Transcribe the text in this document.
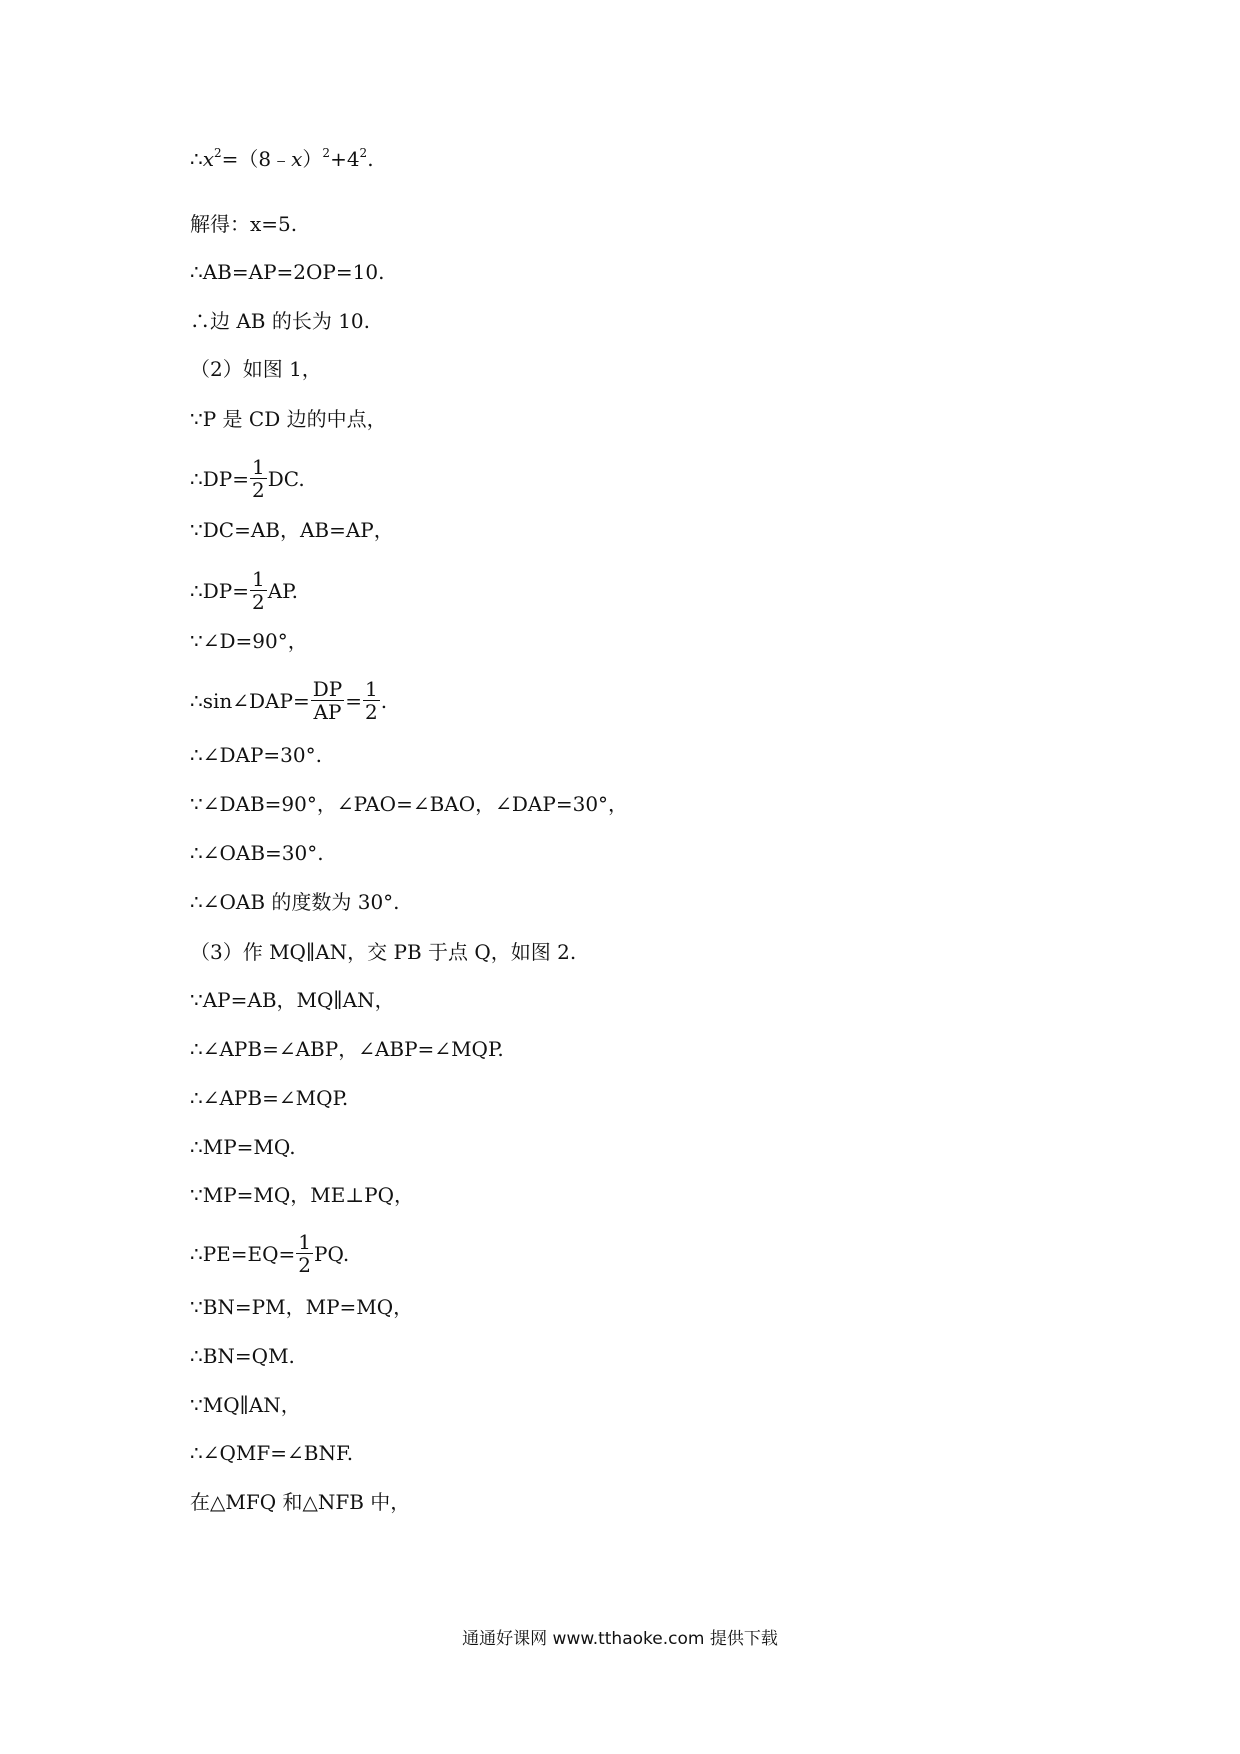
$\therefore x^2=(8﹣x)^2+4^2$.
解得：x=5.
∴AB=AP=2OP=10.
∴边 AB 的长为 10.
（2）如图 1，
∵P 是 CD 边的中点，
∴DP= $\frac{1}{2}$ DC.
∵DC=AB，AB=AP，
∴DP= $\frac{1}{2}$ AP.
∵∠D=90°，
∴sin∠DAP= $\frac{DP}{AP} = \frac{1}{2}$ .
∴∠DAP=30°.
∵∠DAB=90°，∠PAO=∠BAO，∠DAP=30°，
∴∠OAB=30°.
∴∠OAB 的度数为 30°.
（3）作 MQ∥AN，交 PB 于点 Q，如图 2.
∵AP=AB，MQ∥AN，
∴∠APB=∠ABP，∠ABP=∠MQP.
∴∠APB=∠MQP.
∴MP=MQ.
∵MP=MQ，ME⊥PQ，
∴PE=EQ= $\frac{1}{2}$ PQ.
∵BN=PM，MP=MQ，
∴BN=QM.
∵MQ∥AN，
∴∠QMF=∠BNF.
在△MFQ 和△NFB 中，
通通好课网 www.tthaoke.com 提供下载
